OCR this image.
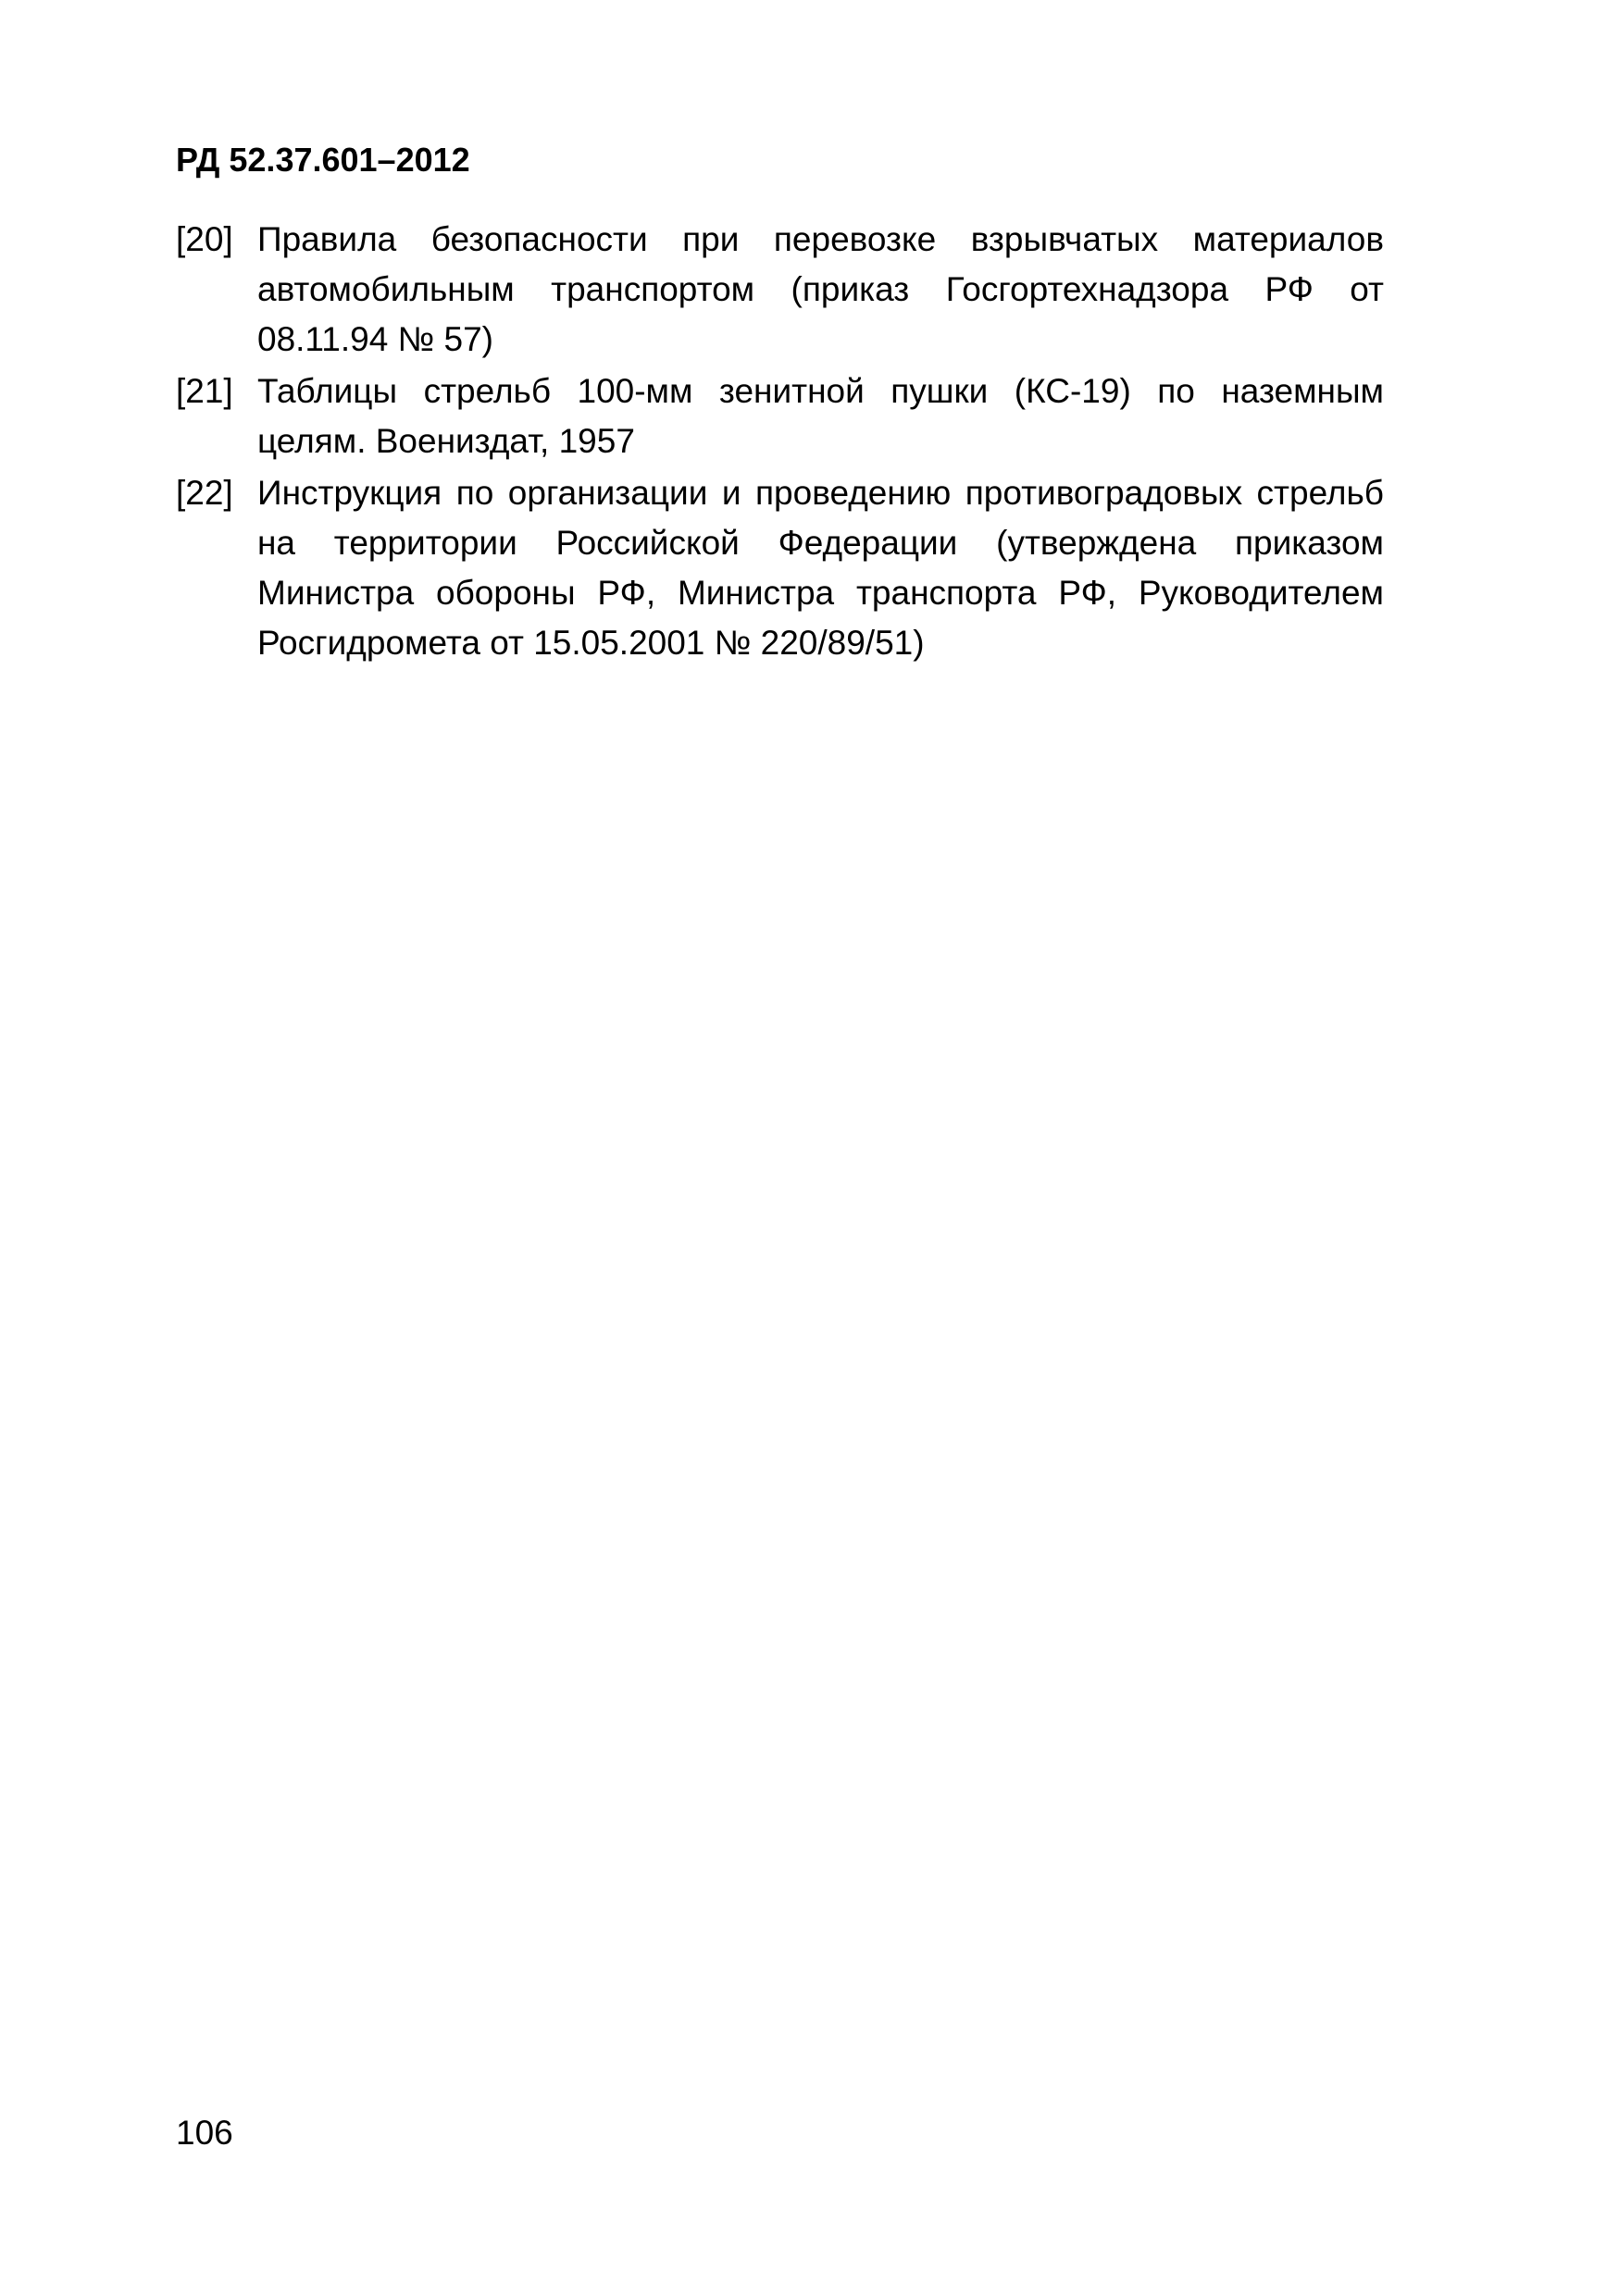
РД 52.37.601–2012
[20] Правила безопасности при перевозке взрывчатых материалов автомобильным транспортом (приказ Госгортехнадзора РФ от 08.11.94 № 57)
[21] Таблицы стрельб 100-мм зенитной пушки (КС-19) по наземным целям. Воениздат, 1957
[22] Инструкция по организации и проведению противоградовых стрельб на территории Российской Федерации (утверждена приказом Министра обороны РФ, Министра транспорта РФ, Руководителем Росгидромета от 15.05.2001 № 220/89/51)
106
